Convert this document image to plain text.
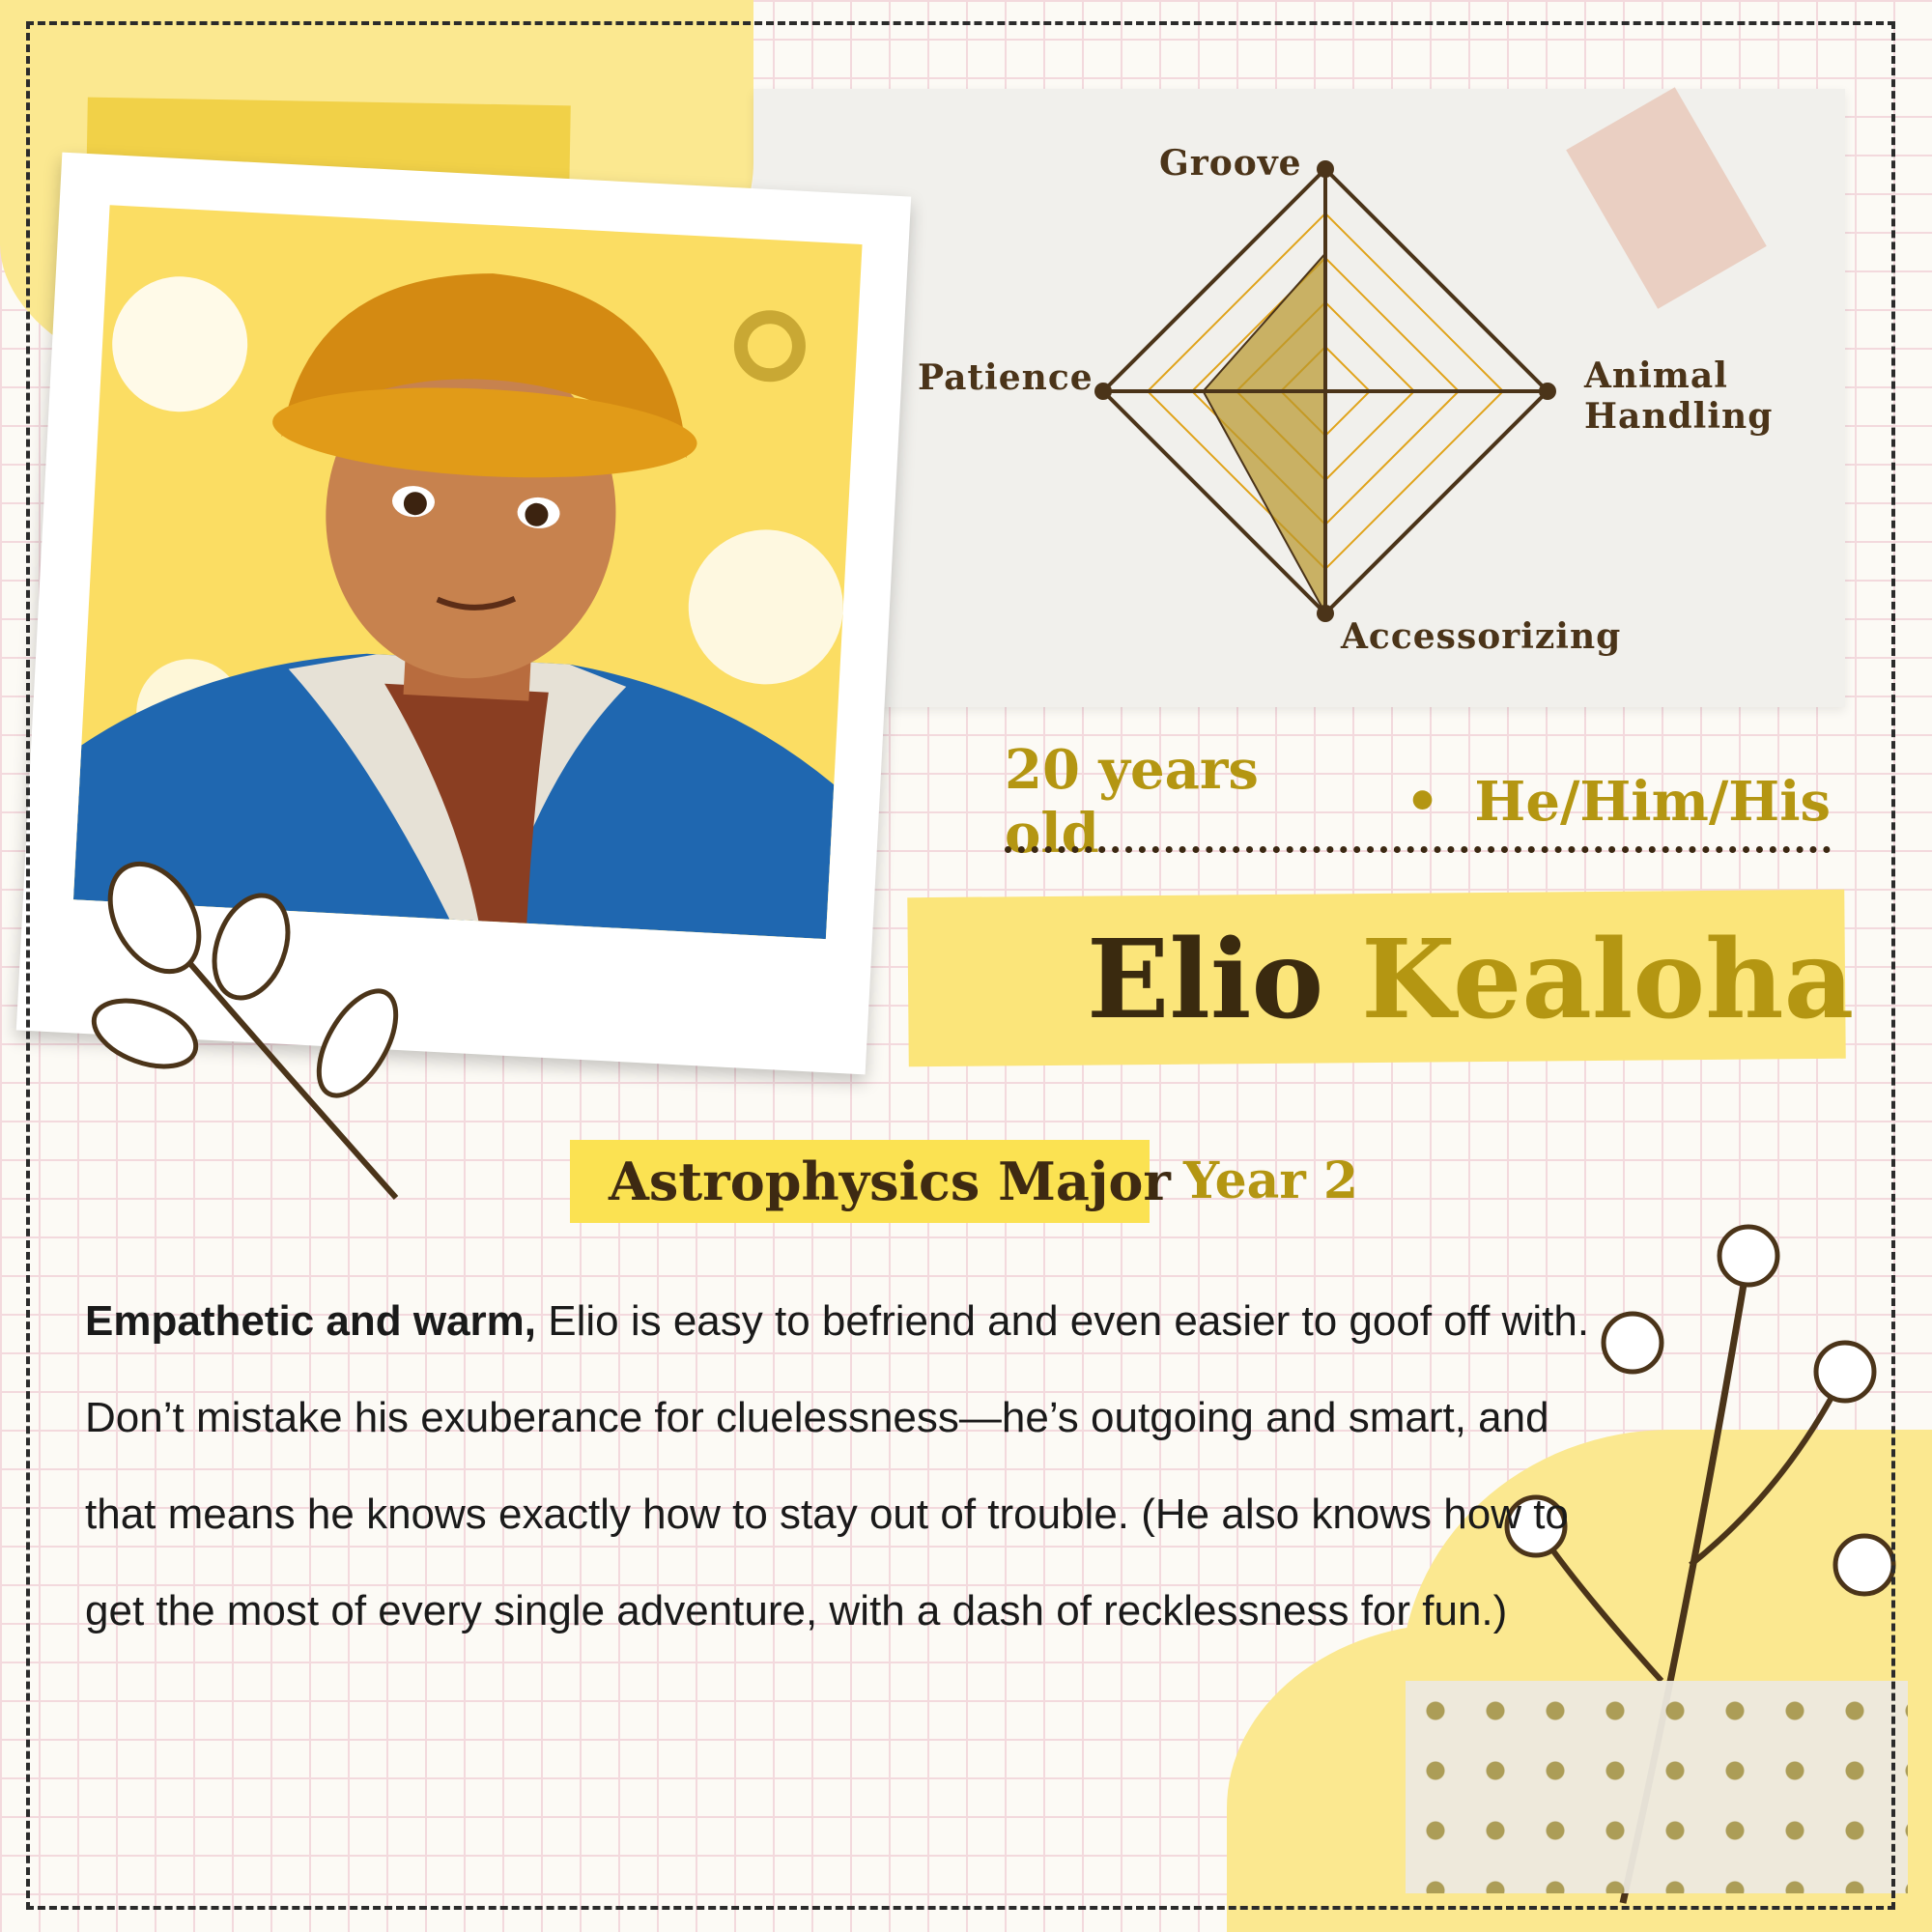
Groove
Patience	Animal
Handling
Accessorizing
20 years old	• He/Him/His
Elio Kealoha
Astrophysics Major Year 2
Empathetic and warm, Elio is easy to befriend and even easier to goof off with. Don’t mistake his exuberance for cluelessness—he’s outgoing and smart, and that means he knows exactly how to stay out of trouble. (He also knows how to get the most of every single adventure, with a dash of recklessness for fun.)
